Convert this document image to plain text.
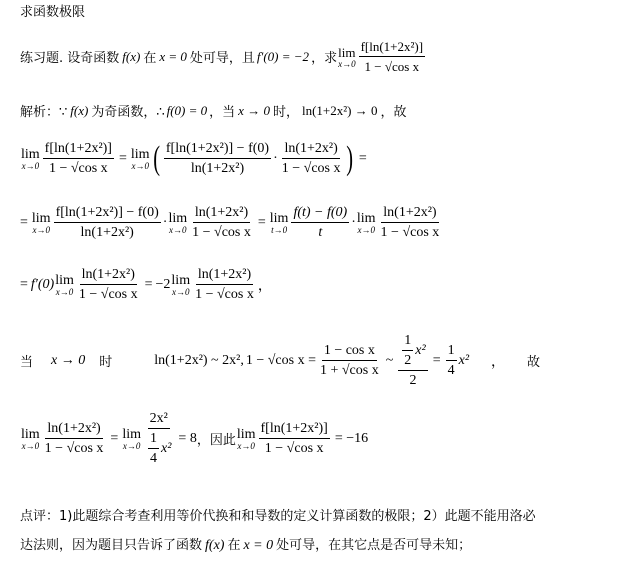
求函数极限
练习题. 设奇函数 f(x) 在 x = 0 处可导，且 f′(0) = −2 ，求 lim
$x\to 0 \frac{\text{f[ln(1+2x²)]}}{\text{1 − √cos x}}$
解析：∵ f(x) 为奇函数，∴ f(0) = 0 ，当 x → 0 时， ln(1+2x²) → 0 ，故
lim
$x\to 0 \frac{\text{f[ln(1+2x²)]}}{\text{1 − √cos x}} = \lim$
x→0 ( $\frac{\text{f[ln(1+2x²)] − f(0)}}{\text{ln(1+2x²)}} \cdot \frac{\text{ln(1+2x²)}}{\text{1 − √cos x}}$ ) =
= lim
$x\to 0 \frac{\text{f[ln(1+2x²)] − f(0)}}{\text{ln(1+2x²)}} \cdot \lim$
$x\to 0 \frac{\text{ln(1+2x²)}}{\text{1 − √cos x}} = \lim$
$t\to 0 \frac{f(t) - f(0)}{t} \cdot \lim$
$x\to 0 \frac{\text{ln(1+2x²)}}{\text{1 − √cos x}}$
= f′(0) lim
$x\to 0 \frac{\text{ln(1+2x²)}}{\text{1 − √cos x}} = -2$ lim
$x\to 0 \frac{\text{ln(1+2x²)}}{\text{1 − √cos x}}$ ，
当 x → 0 时	ln(1+2x²) ~ 2x², 1 − √cos $x = \frac{\text{1 − cos x}}{\text{1 + √cos x}}$ ~ $\frac{\frac{1}{2} x^2}{2} = \frac{1}{4} x^2$ ， 故
lim
$x\to 0 \frac{\text{ln(1+2x²)}}{\text{1 − √cos x}} = \lim$
$x\to 0 \frac{\text{2x²}}{\frac{1}{4} x^2} = 8$ ，因此 lim
$x\to 0 \frac{\text{f[ln(1+2x²)]}}{\text{1 − √cos x}} = -16$
点评：1)此题综合考查利用等价代换和和导数的定义计算函数的极限；2）此题不能用洛必
达法则，因为题目只告诉了函数 f(x) 在 x = 0 处可导，在其它点是否可导未知；
